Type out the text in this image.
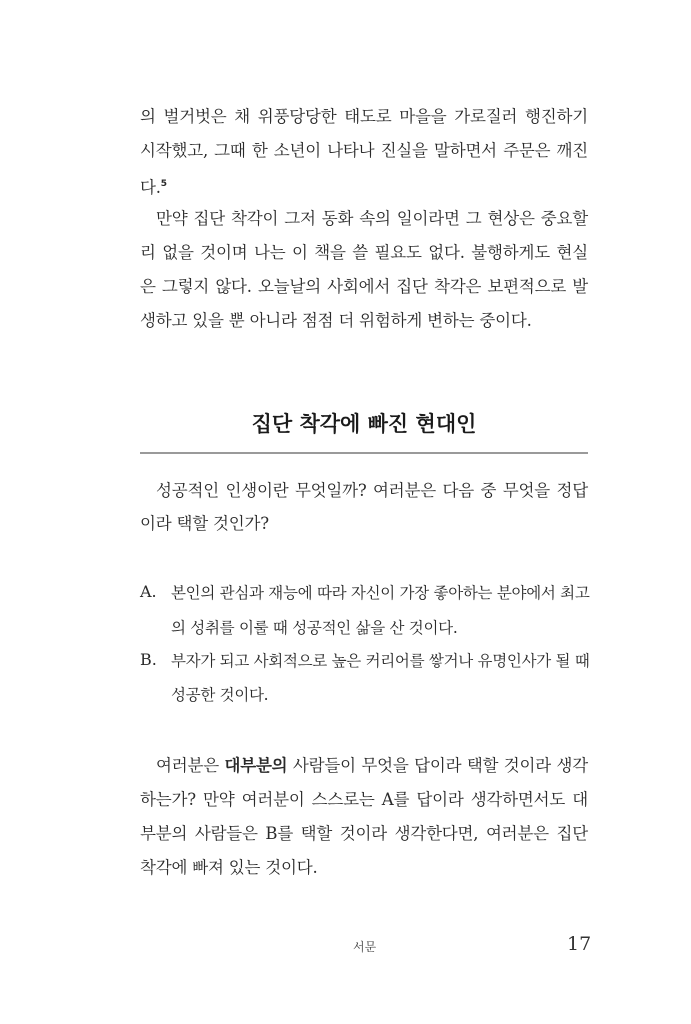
의 벌거벗은 채 위풍당당한 태도로 마을을 가로질러 행진하기
시작했고, 그때 한 소년이 나타나 진실을 말하면서 주문은 깨진
다.$^5$
만약 집단 착각이 그저 동화 속의 일이라면 그 현상은 중요할
리 없을 것이며 나는 이 책을 쓸 필요도 없다. 불행하게도 현실
은 그렇지 않다. 오늘날의 사회에서 집단 착각은 보편적으로 발
생하고 있을 뿐 아니라 점점 더 위험하게 변하는 중이다.
집단 착각에 빠진 현대인
성공적인 인생이란 무엇일까? 여러분은 다음 중 무엇을 정답
이라 택할 것인가?
A. 본인의 관심과 재능에 따라 자신이 가장 좋아하는 분야에서 최고
의 성취를 이룰 때 성공적인 삶을 산 것이다.
B. 부자가 되고 사회적으로 높은 커리어를 쌓거나 유명인사가 될 때
성공한 것이다.
여러분은 대부분의 사람들이 무엇을 답이라 택할 것이라 생각
하는가? 만약 여러분이 스스로는 A를 답이라 생각하면서도 대
부분의 사람들은 B를 택할 것이라 생각한다면, 여러분은 집단
착각에 빠져 있는 것이다.
서문	17
